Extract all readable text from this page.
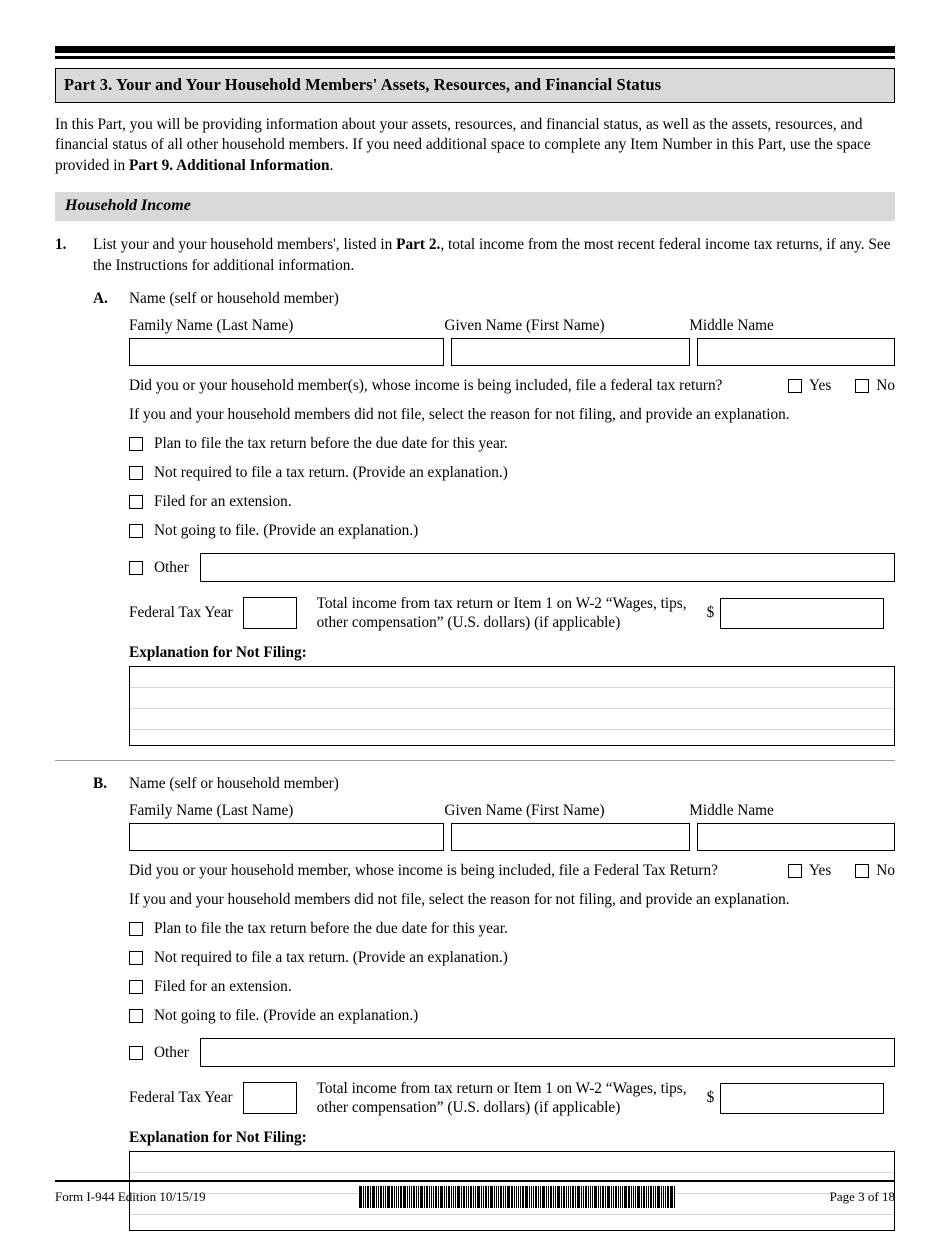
Part 3. Your and Your Household Members' Assets, Resources, and Financial Status
In this Part, you will be providing information about your assets, resources, and financial status, as well as the assets, resources, and financial status of all other household members. If you need additional space to complete any Item Number in this Part, use the space provided in Part 9. Additional Information.
Household Income
1.	List your and your household members', listed in Part 2., total income from the most recent federal income tax returns, if any. See the Instructions for additional information.
A.	Name (self or household member)
Family Name (Last Name)	Given Name (First Name)	Middle Name
Did you or your household member(s), whose income is being included, file a federal tax return?	Yes	No
If you and your household members did not file, select the reason for not filing, and provide an explanation.
Plan to file the tax return before the due date for this year.
Not required to file a tax return. (Provide an explanation.)
Filed for an extension.
Not going to file. (Provide an explanation.)
Other
Federal Tax Year
Total income from tax return or Item 1 on W-2 “Wages, tips, other compensation” (U.S. dollars) (if applicable)
$
Explanation for Not Filing:
B.	Name (self or household member)
Family Name (Last Name)	Given Name (First Name)	Middle Name
Did you or your household member, whose income is being included, file a Federal Tax Return?	Yes	No
If you and your household members did not file, select the reason for not filing, and provide an explanation.
Plan to file the tax return before the due date for this year.
Not required to file a tax return. (Provide an explanation.)
Filed for an extension.
Not going to file. (Provide an explanation.)
Other
Federal Tax Year
Total income from tax return or Item 1 on W-2 “Wages, tips, other compensation” (U.S. dollars) (if applicable)
$
Explanation for Not Filing:
Form I-944 Edition 10/15/19	Page 3 of 18
